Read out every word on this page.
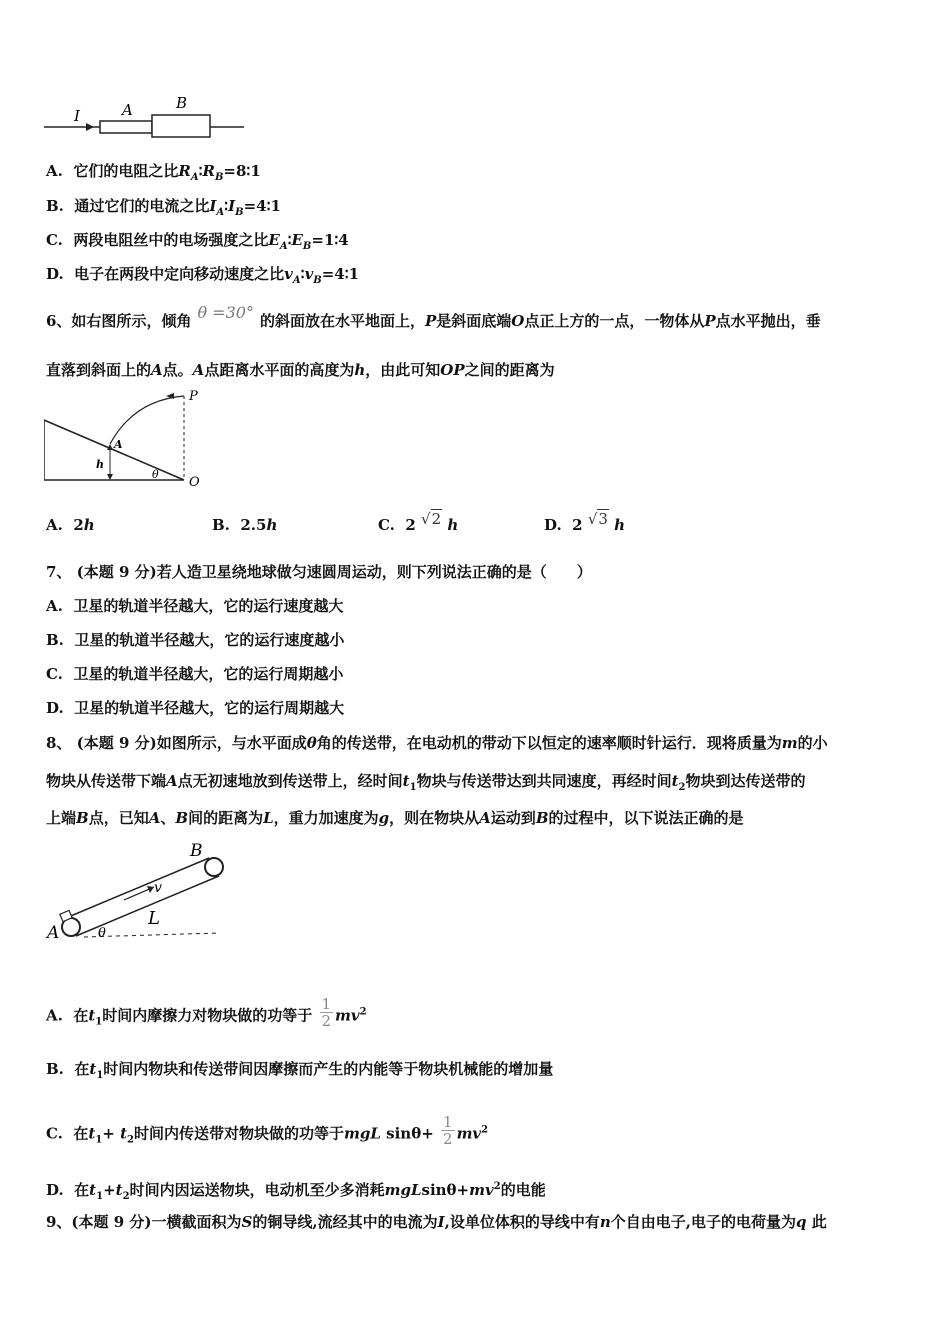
I	A	B
A. 它们的电阻之比$R_A∶R_B=8∶1$
B. 通过它们的电流之比$I_A∶I_B=4∶1$
C. 两段电阻丝中的电场强度之比$E_A∶E_B=1∶4$
D. 电子在两段中定向移动速度之比$v_A∶v_B=4∶1$
6、如右图所示，倾角 θ =30° 的斜面放在水平地面上，P是斜面底端O点正上方的一点，一物体从P点水平抛出，垂
直落到斜面上的A点。A点距离水平面的高度为h，由此可知OP之间的距离为
P
A
h
θ
O
A. 2h	B. 2.5h	C. 2 √2 h	D. 2 √3 h
7、 (本题 9 分)若人造卫星绕地球做匀速圆周运动，则下列说法正确的是（　　）
A. 卫星的轨道半径越大，它的运行速度越大
B. 卫星的轨道半径越大，它的运行速度越小
C. 卫星的轨道半径越大，它的运行周期越小
D. 卫星的轨道半径越大，它的运行周期越大
8、 (本题 9 分)如图所示，与水平面成θ角的传送带，在电动机的带动下以恒定的速率顺时针运行．现将质量为m的小
物块从传送带下端A点无初速地放到传送带上，经时间$t_1$物块与传送带达到共同速度，再经时间$t_2$物块到达传送带的
上端B点，已知A、B间的距离为L，重力加速度为g，则在物块从A运动到B的过程中，以下说法正确的是
B
v
L
A	θ
A. 在$t_1$时间内摩擦力对物块做的功等于 $\frac{1}{2} mv^2$
B. 在$t_1$时间内物块和传送带间因摩擦而产生的内能等于物块机械能的增加量
C. 在$t_1+ t_2$时间内传送带对物块做的功等于mgL $\sin\theta+ \frac{1}{2} mv^2$
D. 在$t_1+t_2$时间内因运送物块，电动机至少多消耗$mgLsin\theta+mv^2$的电能
9、(本题 9 分)一横截面积为S的铜导线,流经其中的电流为I,设单位体积的导线中有n个自由电子,电子的电荷量为q 此
